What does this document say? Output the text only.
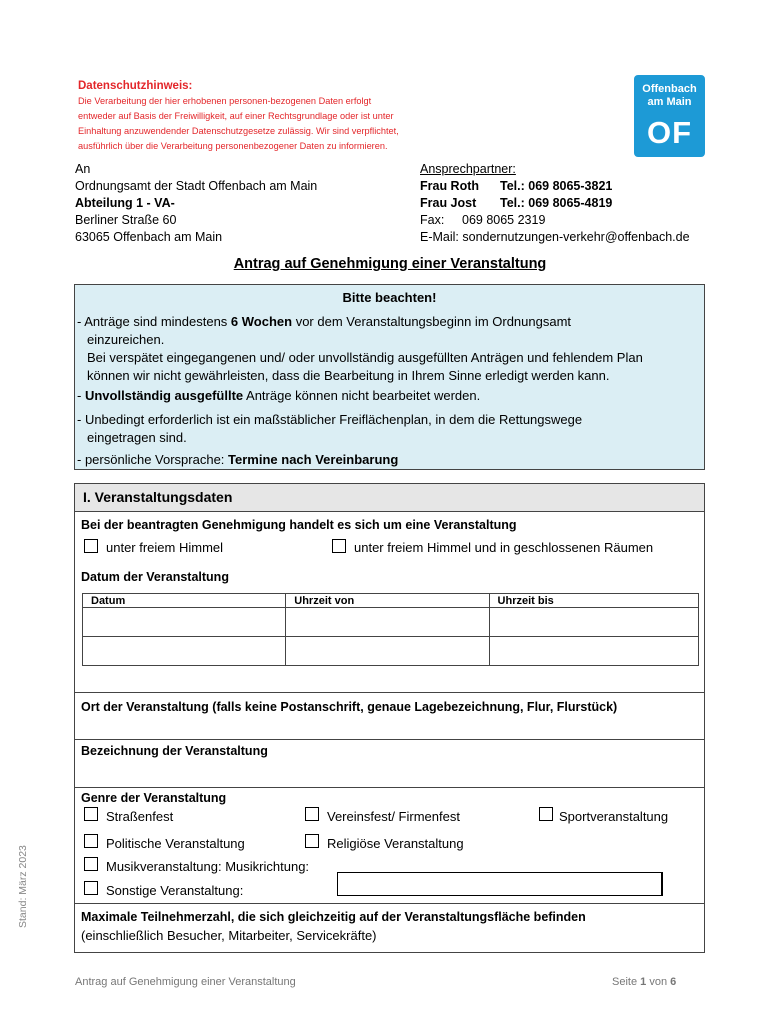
Datenschutzhinweis:
Die Verarbeitung der hier erhobenen personen-bezogenen Daten erfolgt
entweder auf Basis der Freiwilligkeit, auf einer Rechtsgrundlage oder ist unter
Einhaltung anzuwendender Datenschutzgesetze zulässig. Wir sind verpflichtet,
ausführlich über die Verarbeitung personenbezogener Daten zu informieren.
Offenbach
am Main
OF
An
Ordnungsamt der Stadt Offenbach am Main
Abteilung 1 - VA-
Berliner Straße 60
63065 Offenbach am Main
Ansprechpartner:
Frau Roth Tel.: 069 8065-3821
Frau Jost Tel.: 069 8065-4819
Fax: 069 8065 2319
E-Mail: sondernutzungen-verkehr@offenbach.de
Antrag auf Genehmigung einer Veranstaltung
Bitte beachten!
- Anträge sind mindestens 6 Wochen vor dem Veranstaltungsbeginn im Ordnungsamt
einzureichen.
Bei verspätet eingegangenen und/ oder unvollständig ausgefüllten Anträgen und fehlendem Plan
können wir nicht gewährleisten, dass die Bearbeitung in Ihrem Sinne erledigt werden kann.
- Unvollständig ausgefüllte Anträge können nicht bearbeitet werden.
- Unbedingt erforderlich ist ein maßstäblicher Freiflächenplan, in dem die Rettungswege
eingetragen sind.
- persönliche Vorsprache: Termine nach Vereinbarung
I. Veranstaltungsdaten
Bei der beantragten Genehmigung handelt es sich um eine Veranstaltung
unter freiem Himmel	unter freiem Himmel und in geschlossenen Räumen
Datum der Veranstaltung
Datum	Uhrzeit von	Uhrzeit bis

Ort der Veranstaltung (falls keine Postanschrift, genaue Lagebezeichnung, Flur, Flurstück)
Bezeichnung der Veranstaltung
Genre der Veranstaltung
Straßenfest	Vereinsfest/ Firmenfest	Sportveranstaltung
Politische Veranstaltung	Religiöse Veranstaltung
Musikveranstaltung: Musikrichtung:
Sonstige Veranstaltung:
Maximale Teilnehmerzahl, die sich gleichzeitig auf der Veranstaltungsfläche befinden
(einschließlich Besucher, Mitarbeiter, Servicekräfte)
Stand: März 2023
Antrag auf Genehmigung einer Veranstaltung	Seite 1 von 6
